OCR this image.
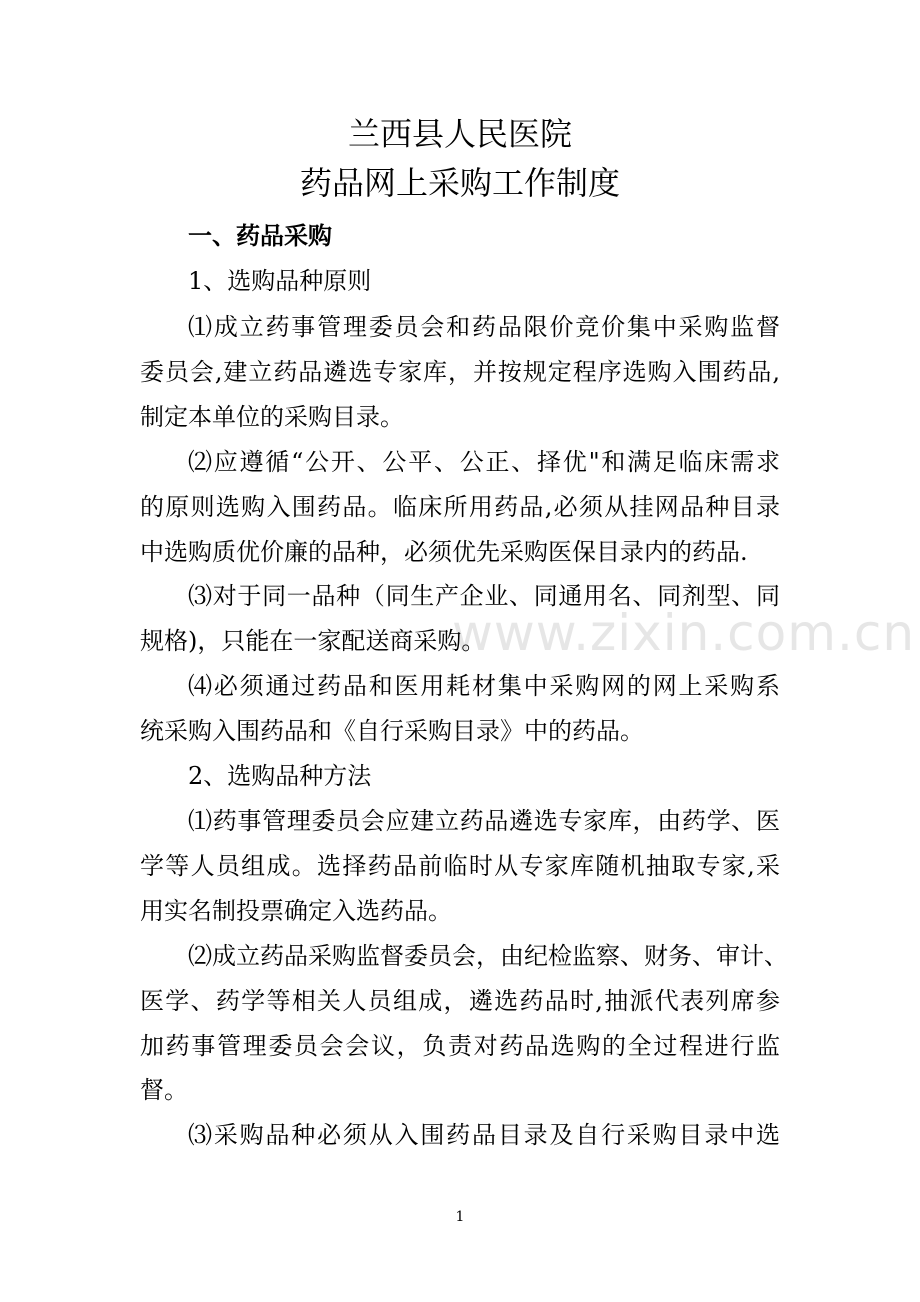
www.zixin.com.cn
兰西县人民医院
药品网上采购工作制度

一、药品采购

1、选购品种原则

⑴成立药事管理委员会和药品限价竞价集中采购监督

委员会,建立药品遴选专家库，并按规定程序选购入围药品,

制定本单位的采购目录。

⑵应遵循“公开、公平、公正、择优"和满足临床需求

的原则选购入围药品。临床所用药品,必须从挂网品种目录

中选购质优价廉的品种，必须优先采购医保目录内的药品.

⑶对于同一品种（同生产企业、同通用名、同剂型、同

规格)，只能在一家配送商采购。

⑷必须通过药品和医用耗材集中采购网的网上采购系

统采购入围药品和《自行采购目录》中的药品。

2、选购品种方法

⑴药事管理委员会应建立药品遴选专家库，由药学、医

学等人员组成。选择药品前临时从专家库随机抽取专家,采

用实名制投票确定入选药品。

⑵成立药品采购监督委员会，由纪检监察、财务、审计、

医学、药学等相关人员组成，遴选药品时,抽派代表列席参

加药事管理委员会会议，负责对药品选购的全过程进行监

督。

⑶采购品种必须从入围药品目录及自行采购目录中选

1
